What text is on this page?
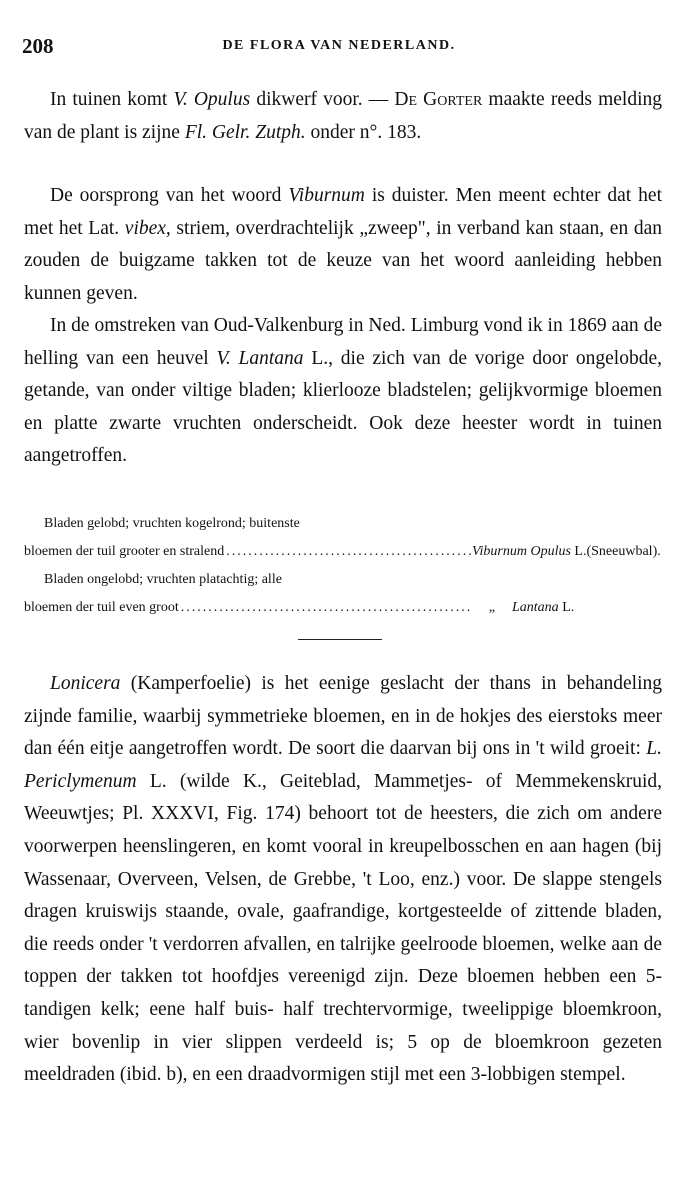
208	DE FLORA VAN NEDERLAND.

In tuinen komt V. Opulus dikwerf voor. — De Gorter maakte reeds melding van de plant is zijne Fl. Gelr. Zutph. onder n°. 183.

De oorsprong van het woord Viburnum is duister. Men meent echter dat het met het Lat. vibex, striem, overdrachtelijk „zweep", in verband kan staan, en dan zouden de buigzame takken tot de keuze van het woord aanleiding hebben kunnen geven.

In de omstreken van Oud-Valkenburg in Ned. Limburg vond ik in 1869 aan de helling van een heuvel V. Lantana L., die zich van de vorige door ongelobde, getande, van onder viltige bladen; klierlooze bladstelen; gelijkvormige bloemen en platte zwarte vruchten onderscheidt. Ook deze heester wordt in tuinen aangetroffen.

Bladen gelobd; vruchten kogelrond; buitenste
bloemen der tuil grooter en stralend .....	Viburnum Opulus L.(Sneeuwbal).
Bladen ongelobd; vruchten platachtig; alle
bloemen der tuil even groot .....	„	Lantana L.

Lonicera (Kamperfoelie) is het eenige geslacht der thans in behandeling zijnde familie, waarbij symmetrieke bloemen, en in de hokjes des eierstoks meer dan één eitje aangetroffen wordt. De soort die daarvan bij ons in 't wild groeit: L. Periclymenum L. (wilde K., Geiteblad, Mammetjes- of Memmekenskruid, Weeuwtjes; Pl. XXXVI, Fig. 174) behoort tot de heesters, die zich om andere voorwerpen heenslingeren, en komt vooral in kreupelbosschen en aan hagen (bij Wassenaar, Overveen, Velsen, de Grebbe, 't Loo, enz.) voor. De slappe stengels dragen kruiswijs staande, ovale, gaafrandige, kortgesteelde of zittende bladen, die reeds onder 't verdorren afvallen, en talrijke geelroode bloemen, welke aan de toppen der takken tot hoofdjes vereenigd zijn. Deze bloemen hebben een 5-tandigen kelk; eene half buis- half trechtervormige, tweelippige bloemkroon, wier bovenlip in vier slippen verdeeld is; 5 op de bloemkroon gezeten meeldraden (ibid. b), en een draadvormigen stijl met een 3-lobbigen stempel.
